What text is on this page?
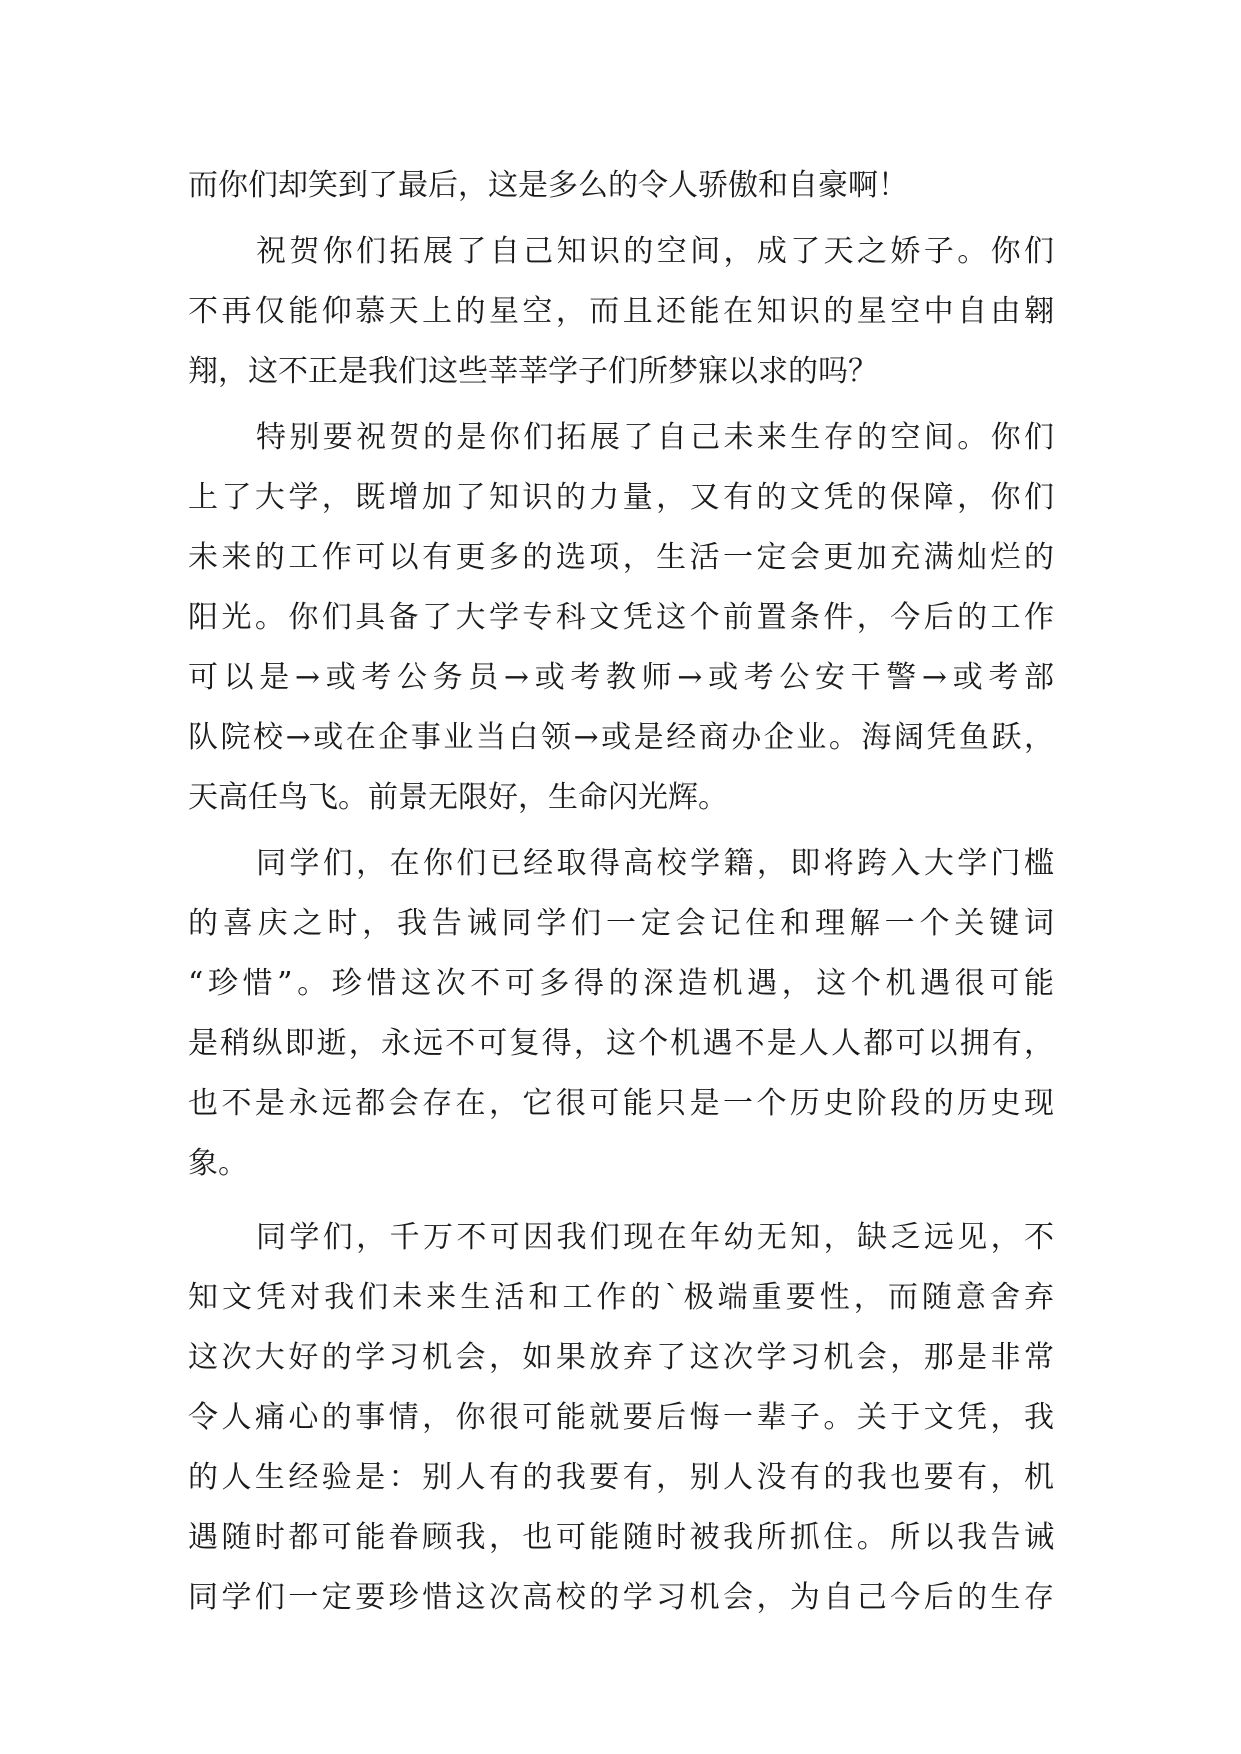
而你们却笑到了最后，这是多么的令人骄傲和自豪啊！
祝贺你们拓展了自己知识的空间，成了天之娇子。你们
不再仅能仰慕天上的星空，而且还能在知识的星空中自由翱
翔，这不正是我们这些莘莘学子们所梦寐以求的吗？
特别要祝贺的是你们拓展了自己未来生存的空间。你们
上了大学，既增加了知识的力量，又有的文凭的保障，你们
未来的工作可以有更多的选项，生活一定会更加充满灿烂的
阳光。你们具备了大学专科文凭这个前置条件，今后的工作
可以是→或考公务员→或考教师→或考公安干警→或考部
队院校→或在企事业当白领→或是经商办企业。海阔凭鱼跃，
天高任鸟飞。前景无限好，生命闪光辉。
同学们，在你们已经取得高校学籍，即将跨入大学门槛
的喜庆之时，我告诫同学们一定会记住和理解一个关键词
“珍惜”。珍惜这次不可多得的深造机遇，这个机遇很可能
是稍纵即逝，永远不可复得，这个机遇不是人人都可以拥有，
也不是永远都会存在，它很可能只是一个历史阶段的历史现
象。
同学们，千万不可因我们现在年幼无知，缺乏远见，不
知文凭对我们未来生活和工作的`极端重要性，而随意舍弃
这次大好的学习机会，如果放弃了这次学习机会，那是非常
令人痛心的事情，你很可能就要后悔一辈子。关于文凭，我
的人生经验是：别人有的我要有，别人没有的我也要有，机
遇随时都可能眷顾我，也可能随时被我所抓住。所以我告诫
同学们一定要珍惜这次高校的学习机会，为自己今后的生存
